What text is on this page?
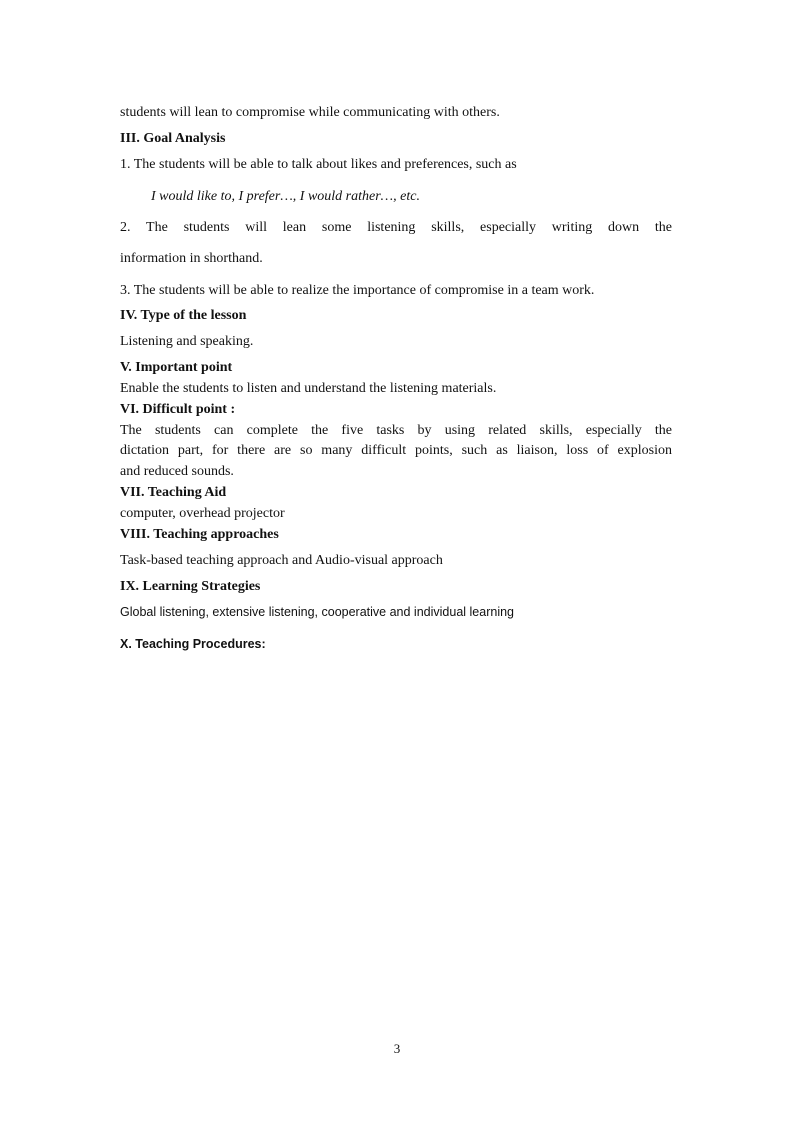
students will lean to compromise while communicating with others.
III. Goal Analysis
1. The students will be able to talk about likes and preferences, such as
I would like to, I prefer…, I would rather…, etc.
2. The students will lean some listening skills, especially writing down the
information in shorthand.
3. The students will be able to realize the importance of compromise in a team work.
IV. Type of the lesson
Listening and speaking.
V. Important point
Enable the students to listen and understand the listening materials.
VI. Difficult point :
The students can complete the five tasks by using related skills, especially the
dictation part, for there are so many difficult points, such as liaison, loss of explosion
and reduced sounds.
VII. Teaching Aid
computer, overhead projector
VIII. Teaching approaches
Task-based teaching approach and Audio-visual approach
IX. Learning Strategies
Global listening, extensive listening, cooperative and individual learning
X. Teaching Procedures:
3
